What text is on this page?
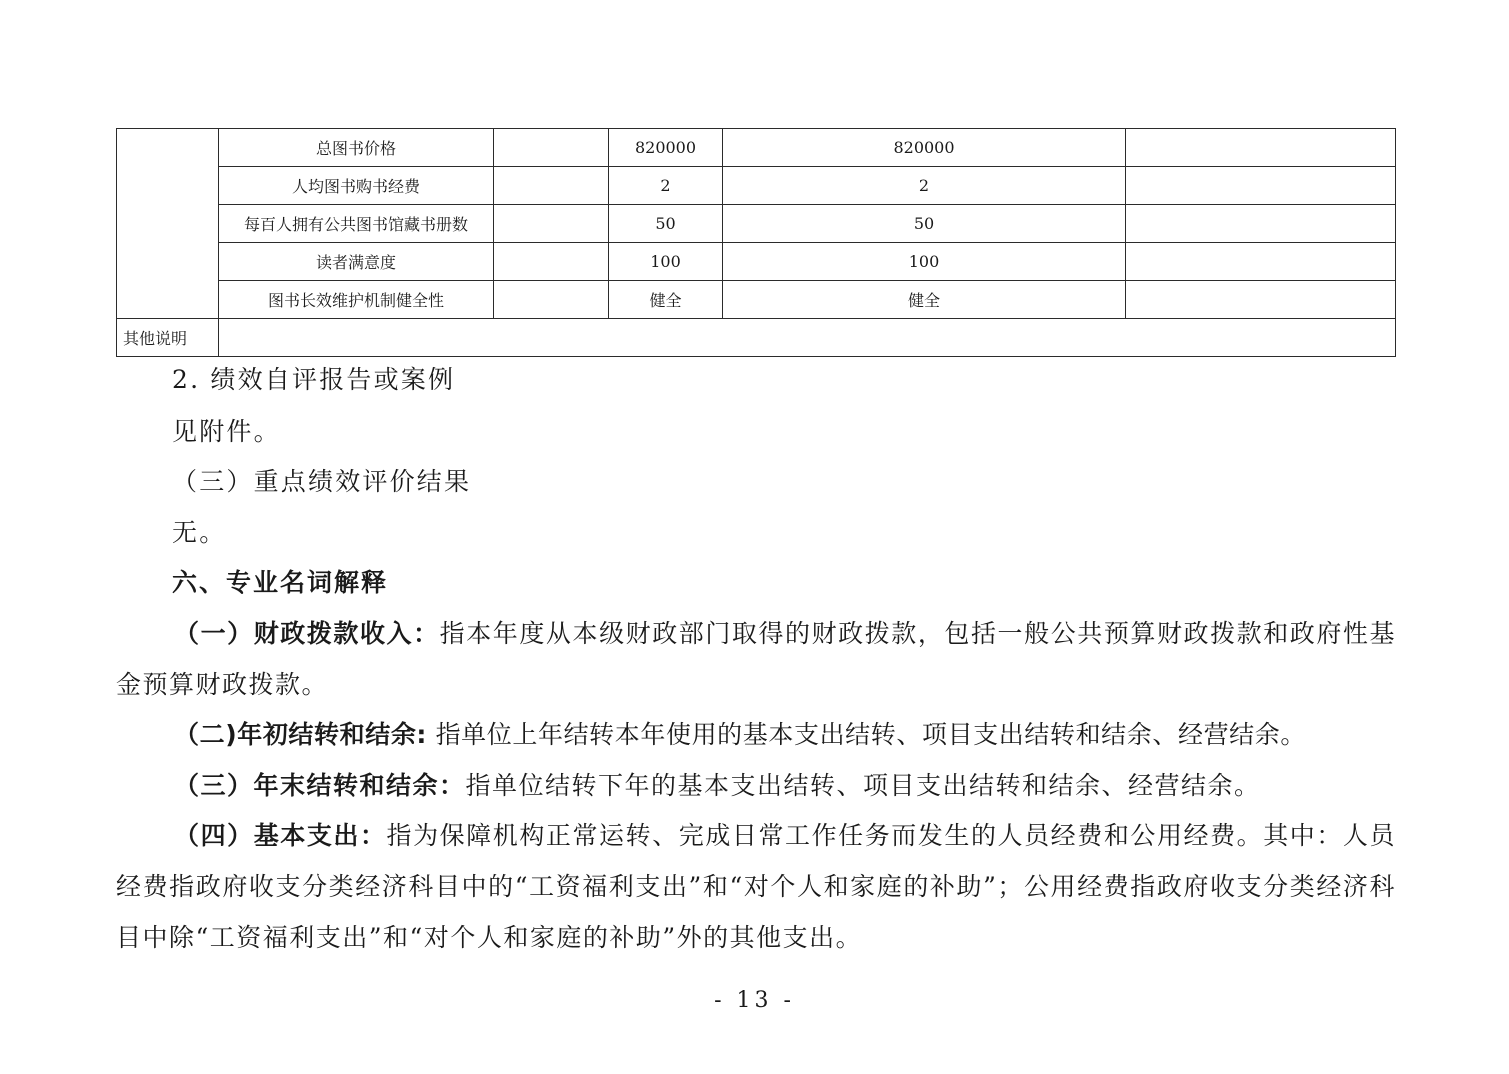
	总图书价格		820000	820000	
	人均图书购书经费		2	2	
	每百人拥有公共图书馆藏书册数		50	50	
	读者满意度		100	100	
	图书长效维护机制健全性		健全	健全	
其他说明					

2. 绩效自评报告或案例

见附件。

（三）重点绩效评价结果

无。

六、专业名词解释

（一）财政拨款收入：指本年度从本级财政部门取得的财政拨款，包括一般公共预算财政拨款和政府性基金预算财政拨款。

（二)年初结转和结余: 指单位上年结转本年使用的基本支出结转、项目支出结转和结余、经营结余。

（三）年末结转和结余：指单位结转下年的基本支出结转、项目支出结转和结余、经营结余。

（四）基本支出：指为保障机构正常运转、完成日常工作任务而发生的人员经费和公用经费。其中：人员经费指政府收支分类经济科目中的“工资福利支出”和“对个人和家庭的补助”；公用经费指政府收支分类经济科目中除“工资福利支出”和“对个人和家庭的补助”外的其他支出。

- 13 -
